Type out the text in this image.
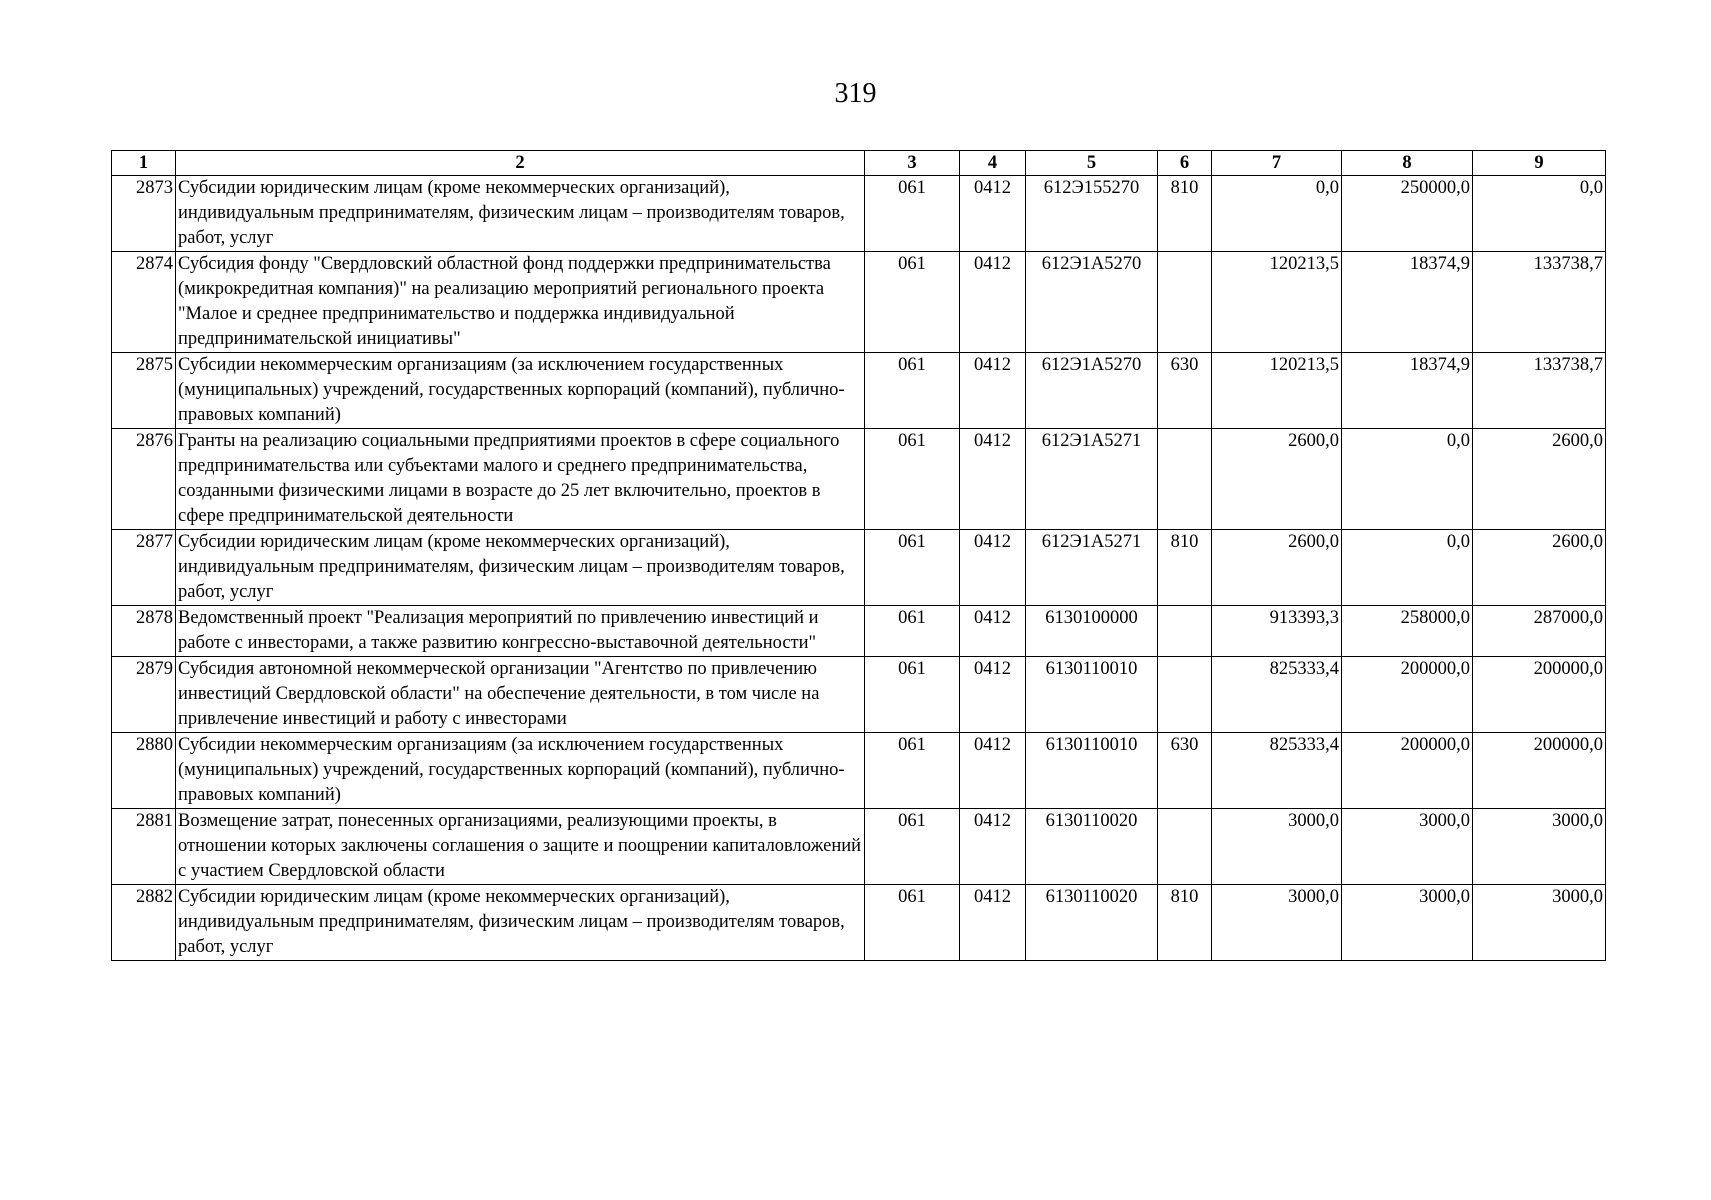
319
1	2	3	4	5	6	7	8	9
2873	Субсидии юридическим лицам (кроме некоммерческих организаций), индивидуальным предпринимателям, физическим лицам – производителям товаров, работ, услуг	061	0412	612Э155270	810	0,0	250000,0	0,0
2874	Субсидия фонду "Свердловский областной фонд поддержки предпринимательства (микрокредитная компания)" на реализацию мероприятий регионального проекта "Малое и среднее предпринимательство и поддержка индивидуальной предпринимательской инициативы"	061	0412	612Э1А5270		120213,5	18374,9	133738,7
2875	Субсидии некоммерческим организациям (за исключением государственных (муниципальных) учреждений, государственных корпораций (компаний), публично-правовых компаний)	061	0412	612Э1А5270	630	120213,5	18374,9	133738,7
2876	Гранты на реализацию социальными предприятиями проектов в сфере социального предпринимательства или субъектами малого и среднего предпринимательства, созданными физическими лицами в возрасте до 25 лет включительно, проектов в сфере предпринимательской деятельности	061	0412	612Э1А5271		2600,0	0,0	2600,0
2877	Субсидии юридическим лицам (кроме некоммерческих организаций), индивидуальным предпринимателям, физическим лицам – производителям товаров, работ, услуг	061	0412	612Э1А5271	810	2600,0	0,0	2600,0
2878	Ведомственный проект "Реализация мероприятий по привлечению инвестиций и работе с инвесторами, а также развитию конгрессно-выставочной деятельности"	061	0412	6130100000		913393,3	258000,0	287000,0
2879	Субсидия автономной некоммерческой организации "Агентство по привлечению инвестиций Свердловской области" на обеспечение деятельности, в том числе на привлечение инвестиций и работу с инвесторами	061	0412	6130110010		825333,4	200000,0	200000,0
2880	Субсидии некоммерческим организациям (за исключением государственных (муниципальных) учреждений, государственных корпораций (компаний), публично-правовых компаний)	061	0412	6130110010	630	825333,4	200000,0	200000,0
2881	Возмещение затрат, понесенных организациями, реализующими проекты, в отношении которых заключены соглашения о защите и поощрении капиталовложений с участием Свердловской области	061	0412	6130110020		3000,0	3000,0	3000,0
2882	Субсидии юридическим лицам (кроме некоммерческих организаций), индивидуальным предпринимателям, физическим лицам – производителям товаров, работ, услуг	061	0412	6130110020	810	3000,0	3000,0	3000,0
